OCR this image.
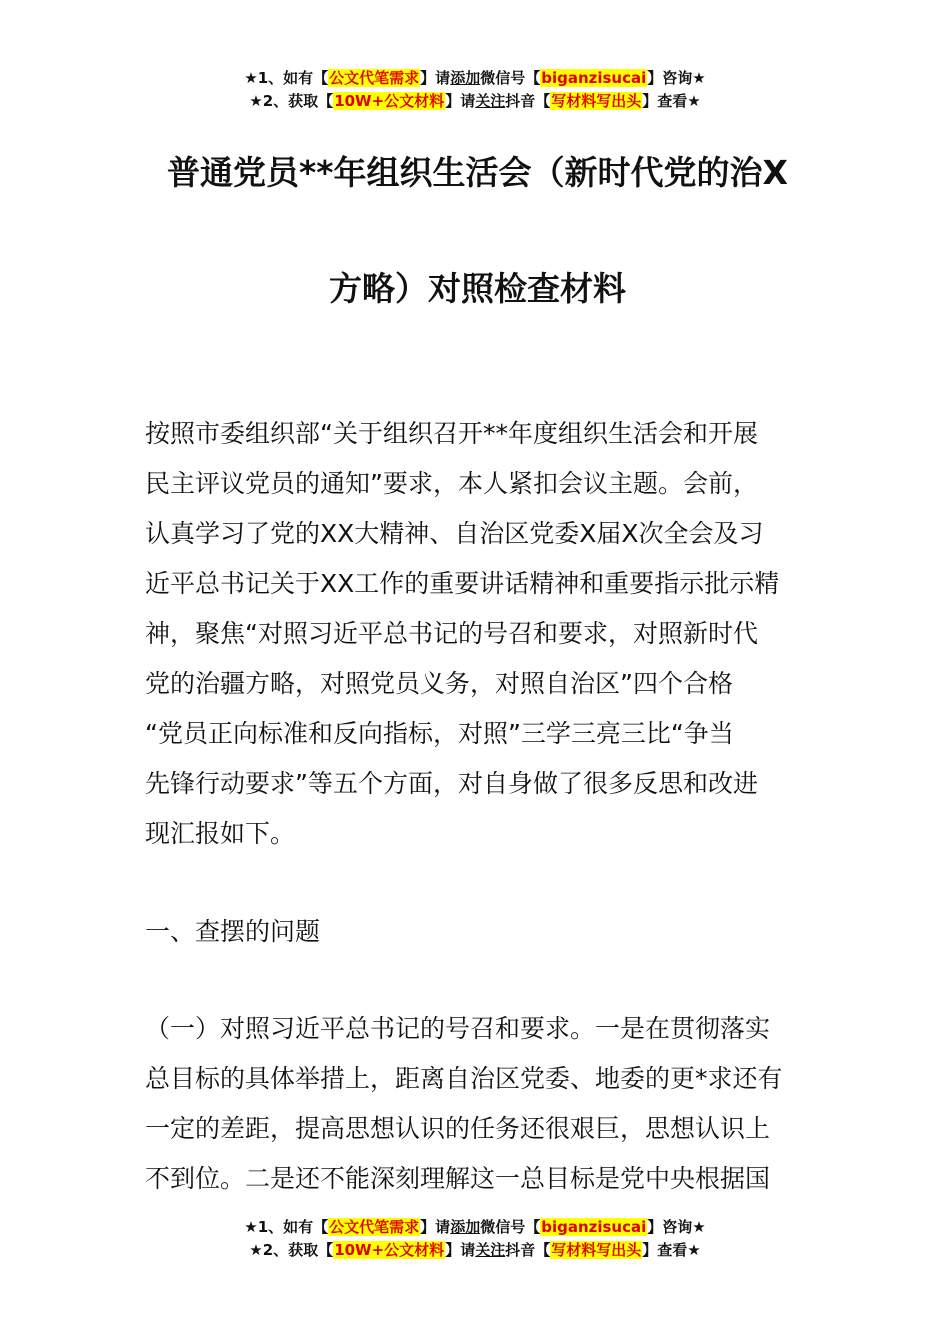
★1、如有【公文代笔需求】请添加微信号【biganzisucai】咨询★
★2、获取【10W+公文材料】请关注抖音【写材料写出头】查看★
普通党员**年组织生活会（新时代党的治X
方略）对照检查材料
按照市委组织部“关于组织召开**年度组织生活会和开展
民主评议党员的通知”要求，本人紧扣会议主题。会前，
认真学习了党的XX大精神、自治区党委X届X次全会及习
近平总书记关于XX工作的重要讲话精神和重要指示批示精
神，聚焦“对照习近平总书记的号召和要求，对照新时代
党的治疆方略，对照党员义务，对照自治区”四个合格
“党员正向标准和反向指标，对照”三学三亮三比“争当
先锋行动要求”等五个方面，对自身做了很多反思和改进
现汇报如下。
一、查摆的问题
（一）对照习近平总书记的号召和要求。一是在贯彻落实
总目标的具体举措上，距离自治区党委、地委的更*求还有
一定的差距，提高思想认识的任务还很艰巨，思想认识上
不到位。二是还不能深刻理解这一总目标是党中央根据国
★1、如有【公文代笔需求】请添加微信号【biganzisucai】咨询★
★2、获取【10W+公文材料】请关注抖音【写材料写出头】查看★
